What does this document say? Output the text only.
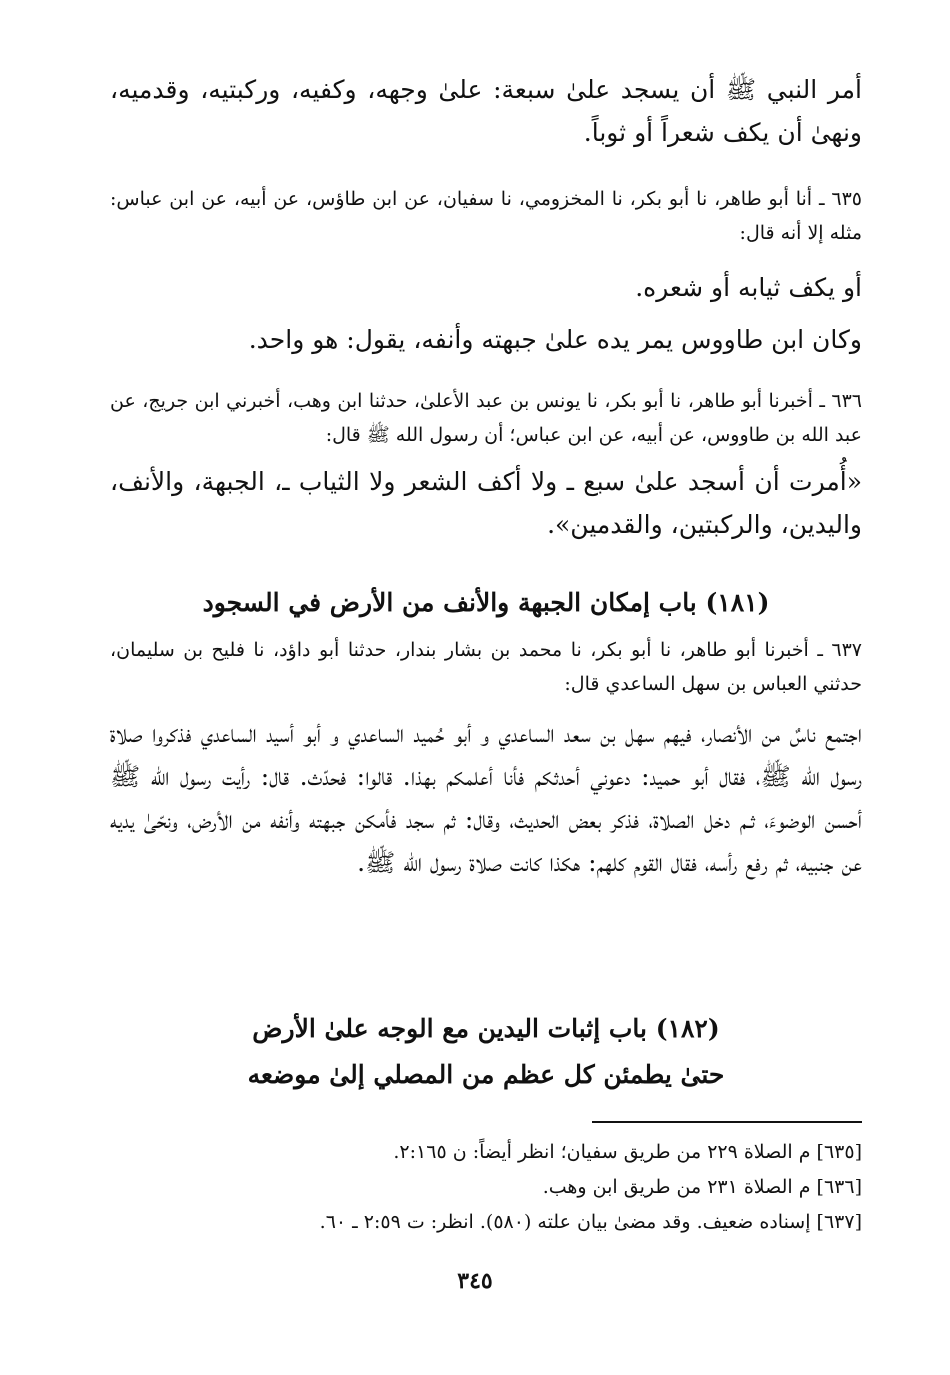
أمر النبي ﷺ أن يسجد علىٰ سبعة: علىٰ وجهه، وكفيه، وركبتيه، وقدميه، ونهىٰ أن يكف شعراً أو ثوباً.
٦٣٥ ـ أنا أبو طاهر، نا أبو بكر، نا المخزومي، نا سفيان، عن ابن طاؤس، عن أبيه، عن ابن عباس: مثله إلا أنه قال:
أو يكف ثيابه أو شعره.
وكان ابن طاووس يمر يده علىٰ جبهته وأنفه، يقول: هو واحد.
٦٣٦ ـ أخبرنا أبو طاهر، نا أبو بكر، نا يونس بن عبد الأعلىٰ، حدثنا ابن وهب، أخبرني ابن جريج، عن عبد الله بن طاووس، عن أبيه، عن ابن عباس؛ أن رسول الله ﷺ قال:
«أُمرت أن أسجد علىٰ سبع ـ ولا أكف الشعر ولا الثياب ـ، الجبهة، والأنف، واليدين، والركبتين، والقدمين».
(١٨١) باب إمكان الجبهة والأنف من الأرض في السجود
٦٣٧ ـ أخبرنا أبو طاهر، نا أبو بكر، نا محمد بن بشار بندار، حدثنا أبو داؤد، نا فليح بن سليمان، حدثني العباس بن سهل الساعدي قال:
اجتمع ناسٌ من الأنصار، فيهم سهل بن سعد الساعدي و أبو حُميد الساعدي و أبو أسيد الساعدي فذكروا صلاة رسول الله ﷺ، فقال أبو حميد: دعوني أحدثكم فأنا أعلمكم بهذا. قالوا: فحدّث. قال: رأيت رسول الله ﷺ أحسن الوضوءَ، ثـم دخل الصلاة، فذكر بعض الحديث، وقال: ثم سجد فأمكن جبهته وأنفه من الأرض، ونحّىٰ يديه عن جنبيه، ثم رفع رأسه، فقال القوم كلهم: هكذا كانت صلاة رسول الله ﷺ.
(١٨٢) باب إثبات اليدين مع الوجه علىٰ الأرض
حتىٰ يطمئن كل عظم من المصلي إلىٰ موضعه
[٦٣٥] م الصلاة ٢٢٩ من طريق سفيان؛ انظر أيضاً: ن ٢:١٦٥.
[٦٣٦] م الصلاة ٢٣١ من طريق ابن وهب.
[٦٣٧] إسناده ضعيف. وقد مضىٰ بيان علته (٥٨٠). انظر: ت ٢:٥٩ ـ ٦٠.
٣٤٥
